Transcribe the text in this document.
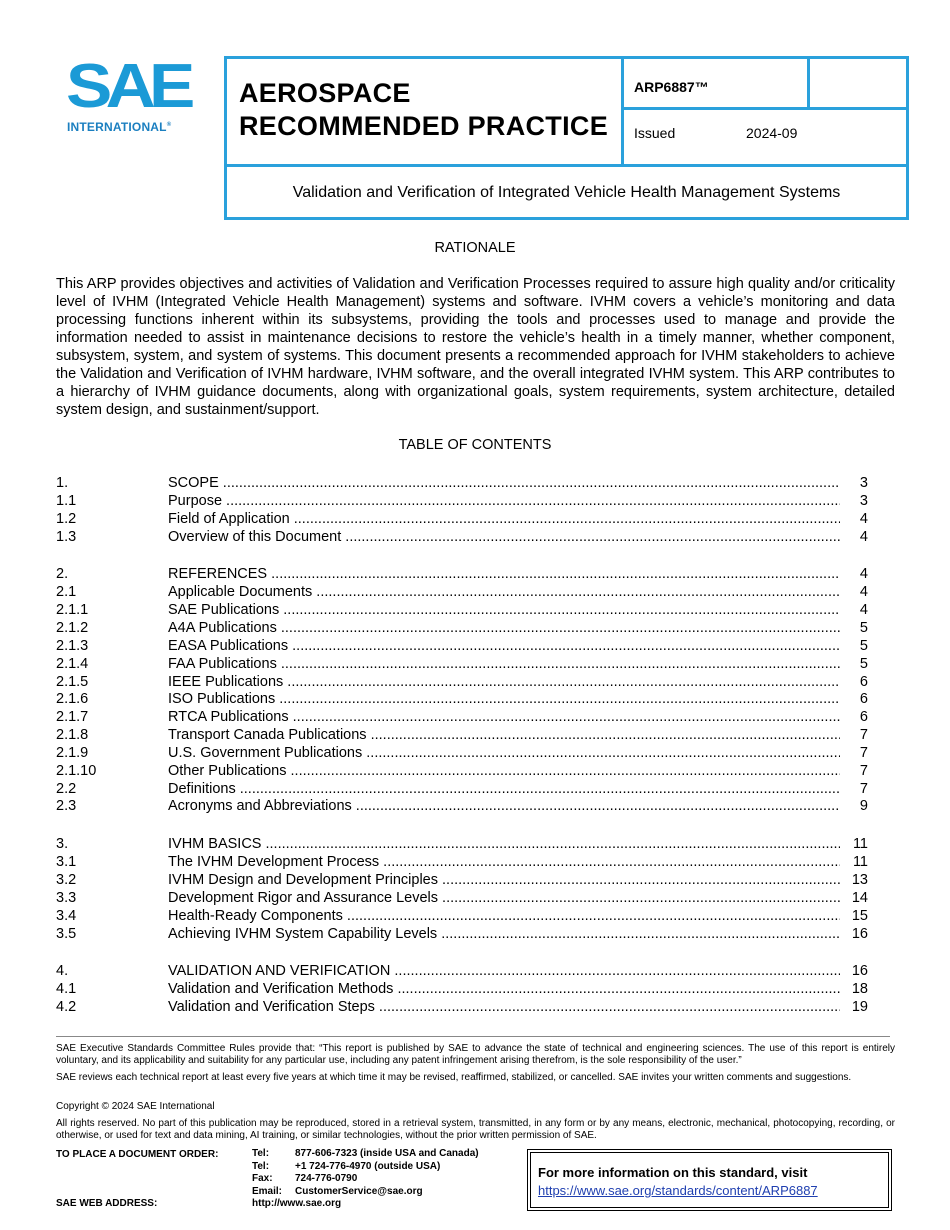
SAE
INTERNATIONAL®
AEROSPACE
RECOMMENDED PRACTICE
ARP6887™
Issued	2024-09
Validation and Verification of Integrated Vehicle Health Management Systems
RATIONALE
This ARP provides objectives and activities of Validation and Verification Processes required to assure high quality and/or criticality level of IVHM (Integrated Vehicle Health Management) systems and software. IVHM covers a vehicle’s monitoring and data processing functions inherent within its subsystems, providing the tools and processes used to manage and provide the information needed to assist in maintenance decisions to restore the vehicle’s health in a timely manner, whether component, subsystem, system, and system of systems. This document presents a recommended approach for IVHM stakeholders to achieve the Validation and Verification of IVHM hardware, IVHM software, and the overall integrated IVHM system. This ARP contributes to a hierarchy of IVHM guidance documents, along with organizational goals, system requirements, system architecture, detailed system design, and sustainment/support.
TABLE OF CONTENTS
1.	SCOPE .....	3
1.1	Purpose .....	3
1.2	Field of Application .....	4
1.3	Overview of this Document .....	4
2.	REFERENCES .....	4
2.1	Applicable Documents .....	4
2.1.1	SAE Publications .....	4
2.1.2	A4A Publications .....	5
2.1.3	EASA Publications .....	5
2.1.4	FAA Publications .....	5
2.1.5	IEEE Publications .....	6
2.1.6	ISO Publications .....	6
2.1.7	RTCA Publications .....	6
2.1.8	Transport Canada Publications .....	7
2.1.9	U.S. Government Publications .....	7
2.1.10	Other Publications .....	7
2.2	Definitions .....	7
2.3	Acronyms and Abbreviations .....	9
3.	IVHM BASICS .....	11
3.1	The IVHM Development Process .....	11
3.2	IVHM Design and Development Principles .....	13
3.3	Development Rigor and Assurance Levels .....	14
3.4	Health-Ready Components .....	15
3.5	Achieving IVHM System Capability Levels .....	16
4.	VALIDATION AND VERIFICATION .....	16
4.1	Validation and Verification Methods .....	18
4.2	Validation and Verification Steps .....	19
SAE Executive Standards Committee Rules provide that: “This report is published by SAE to advance the state of technical and engineering sciences. The use of this report is entirely voluntary, and its applicability and suitability for any particular use, including any patent infringement arising therefrom, is the sole responsibility of the user.”
SAE reviews each technical report at least every five years at which time it may be revised, reaffirmed, stabilized, or cancelled. SAE invites your written comments and suggestions.
Copyright © 2024 SAE International
All rights reserved. No part of this publication may be reproduced, stored in a retrieval system, transmitted, in any form or by any means, electronic, mechanical, photocopying, recording, or otherwise, or used for text and data mining, AI training, or similar technologies, without the prior written permission of SAE.
TO PLACE A DOCUMENT ORDER:
SAE WEB ADDRESS:
Tel:	877-606-7323 (inside USA and Canada)
Tel:	+1 724-776-4970 (outside USA)
Fax: 724-776-0790
Email: CustomerService@sae.org
http://www.sae.org
For more information on this standard, visit
https://www.sae.org/standards/content/ARP6887
